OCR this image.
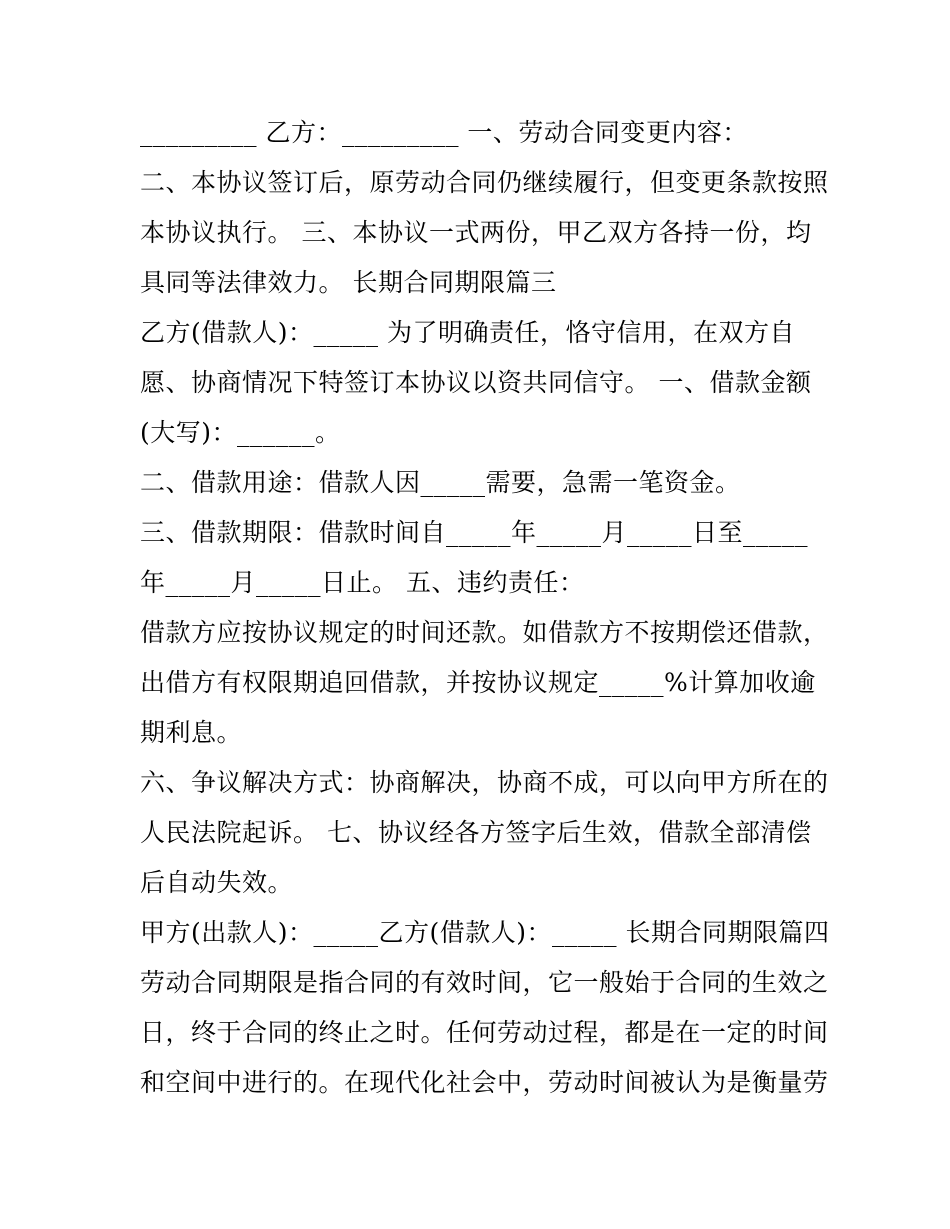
_________ 乙方：_________ 一、劳动合同变更内容：
二、本协议签订后，原劳动合同仍继续履行，但变更条款按照
本协议执行。 三、本协议一式两份，甲乙双方各持一份，均
具同等法律效力。 长期合同期限篇三
乙方(借款人)：_____ 为了明确责任，恪守信用，在双方自
愿、协商情况下特签订本协议以资共同信守。 一、借款金额
(大写)：______。
二、借款用途：借款人因_____需要，急需一笔资金。
三、借款期限：借款时间自_____年_____月_____日至_____
年_____月_____日止。 五、违约责任：
借款方应按协议规定的时间还款。如借款方不按期偿还借款，
出借方有权限期追回借款，并按协议规定_____%计算加收逾
期利息。
六、争议解决方式：协商解决，协商不成，可以向甲方所在的
人民法院起诉。 七、协议经各方签字后生效，借款全部清偿
后自动失效。
甲方(出款人)：_____乙方(借款人)：_____ 长期合同期限篇四
劳动合同期限是指合同的有效时间，它一般始于合同的生效之
日，终于合同的终止之时。任何劳动过程，都是在一定的时间
和空间中进行的。在现代化社会中，劳动时间被认为是衡量劳
